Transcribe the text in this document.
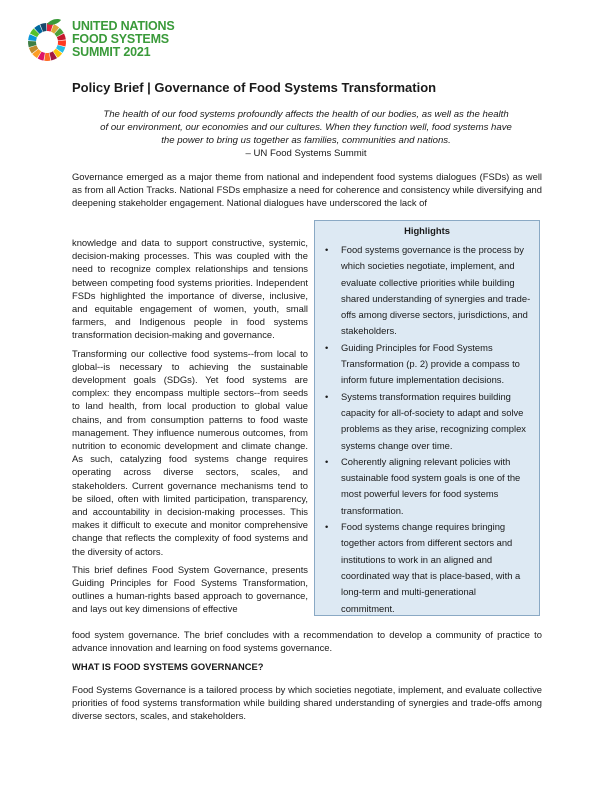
UNITED NATIONS
FOOD SYSTEMS
SUMMIT 2021
Policy Brief | Governance of Food Systems Transformation
The health of our food systems profoundly affects the health of our bodies, as well as the health of our environment, our economies and our cultures. When they function well, food systems have the power to bring us together as families, communities and nations.
– UN Food Systems Summit

Governance emerged as a major theme from national and independent food systems dialogues (FSDs) as well as from all Action Tracks. National FSDs emphasize a need for coherence and consistency while diversifying and deepening stakeholder engagement. National dialogues have underscored the lack of

knowledge and data to support constructive, systemic, decision-making processes. This was coupled with the need to recognize complex relationships and tensions between competing food systems priorities. Independent FSDs highlighted the importance of diverse, inclusive, and equitable engagement of women, youth, small farmers, and Indigenous people in food systems transformation decision-making and governance.

Transforming our collective food systems--from local to global--is necessary to achieving the sustainable development goals (SDGs). Yet food systems are complex: they encompass multiple sectors--from seeds to land health, from local production to global value chains, and from consumption patterns to food waste management. They influence numerous outcomes, from nutrition to economic development and climate change. As such, catalyzing food systems change requires operating across diverse sectors, scales, and stakeholders. Current governance mechanisms tend to be siloed, often with limited participation, transparency, and accountability in decision-making processes. This makes it difficult to execute and monitor comprehensive change that reflects the complexity of food systems and the diversity of actors.

This brief defines Food System Governance, presents Guiding Principles for Food Systems Transformation, outlines a human-rights based approach to governance, and lays out key dimensions of effective

Highlights
• Food systems governance is the process by which societies negotiate, implement, and evaluate collective priorities while building shared understanding of synergies and trade-offs among diverse sectors, jurisdictions, and stakeholders.
• Guiding Principles for Food Systems Transformation (p. 2) provide a compass to inform future implementation decisions.
• Systems transformation requires building capacity for all-of-society to adapt and solve problems as they arise, recognizing complex systems change over time.
• Coherently aligning relevant policies with sustainable food system goals is one of the most powerful levers for food systems transformation.
• Food systems change requires bringing together actors from different sectors and institutions to work in an aligned and coordinated way that is place-based, with a long-term and multi-generational commitment.

food system governance. The brief concludes with a recommendation to develop a community of practice to advance innovation and learning on food systems governance.

WHAT IS FOOD SYSTEMS GOVERNANCE?

Food Systems Governance is a tailored process by which societies negotiate, implement, and evaluate collective priorities of food systems transformation while building shared understanding of synergies and trade-offs among diverse sectors, scales, and stakeholders.
